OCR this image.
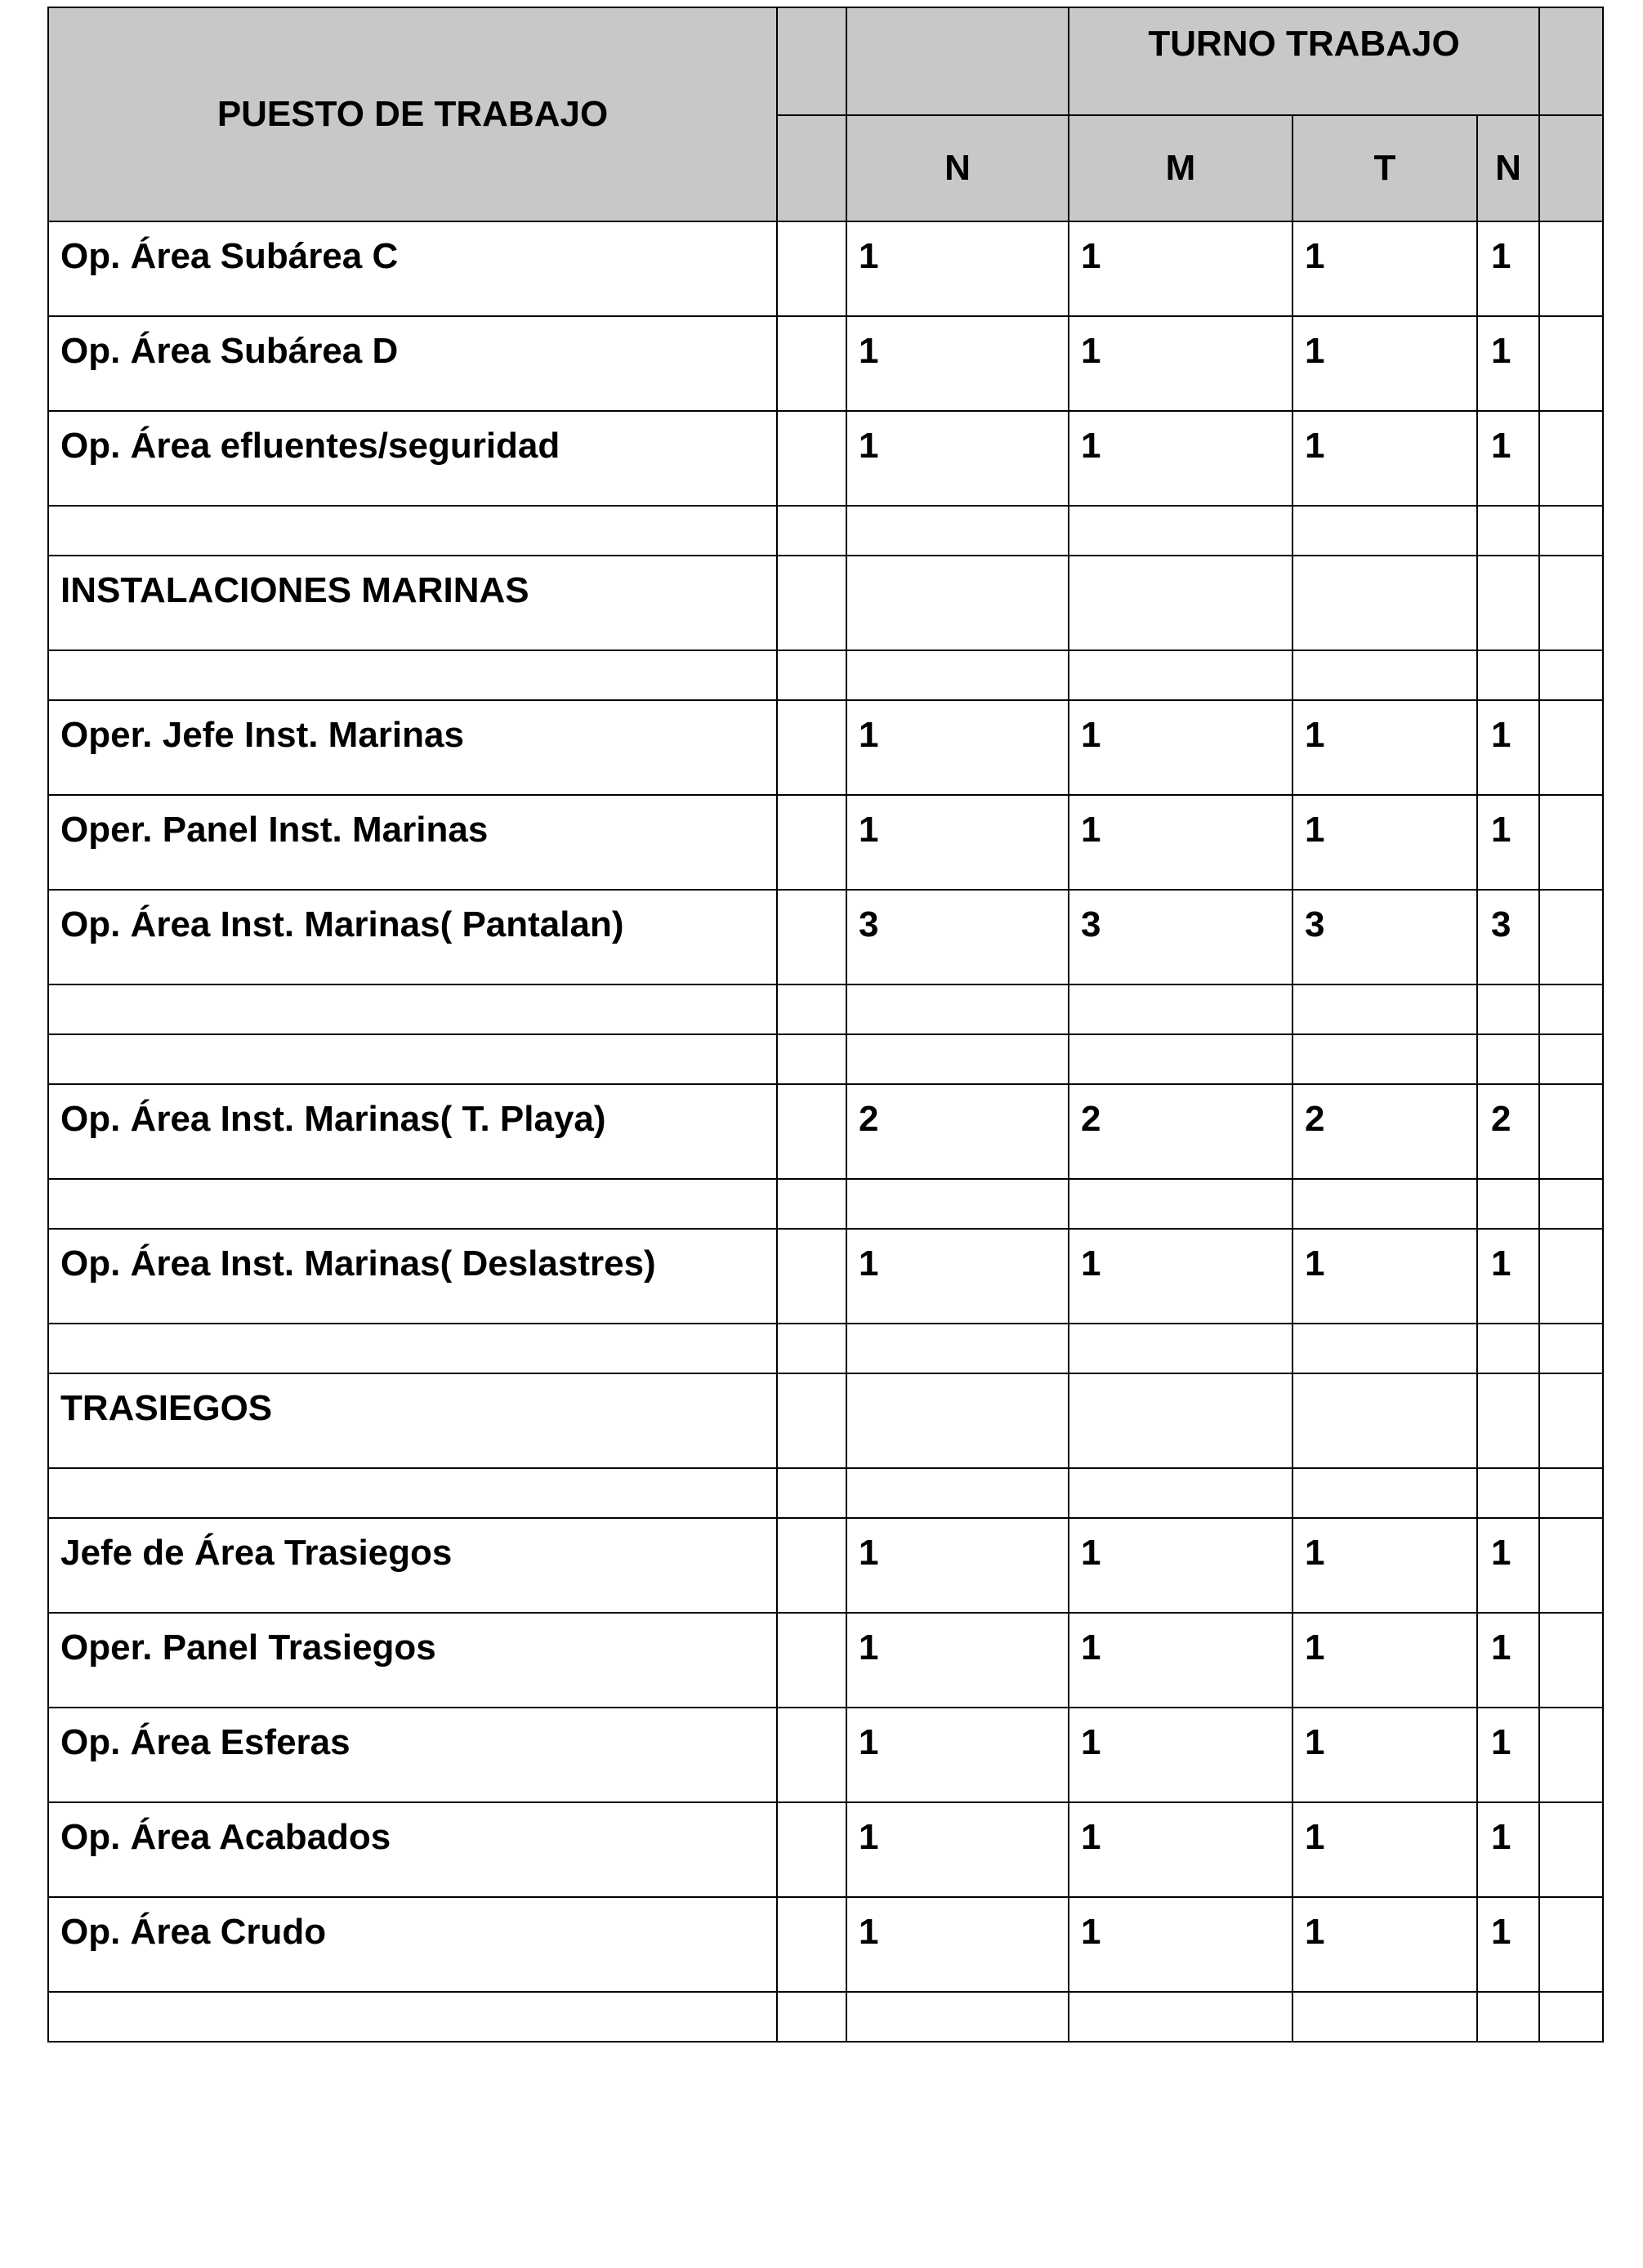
PUESTO DE TRABAJO			TURNO TRABAJO			
		N	M	T	N	
Op. Área Subárea C		1	1	1	1	
Op. Área Subárea D		1	1	1	1	
Op. Área efluentes/seguridad		1	1	1	1	

INSTALACIONES MARINAS						

Oper. Jefe Inst. Marinas		1	1	1	1	
Oper. Panel Inst. Marinas		1	1	1	1	
Op. Área Inst. Marinas( Pantalan)		3	3	3	3	

Op. Área Inst. Marinas( T. Playa)		2	2	2	2	

Op. Área Inst. Marinas( Deslastres)		1	1	1	1	

TRASIEGOS						

Jefe de Área Trasiegos		1	1	1	1	
Oper. Panel Trasiegos		1	1	1	1	
Op. Área Esferas		1	1	1	1	
Op. Área Acabados		1	1	1	1	
Op. Área Crudo		1	1	1	1	
